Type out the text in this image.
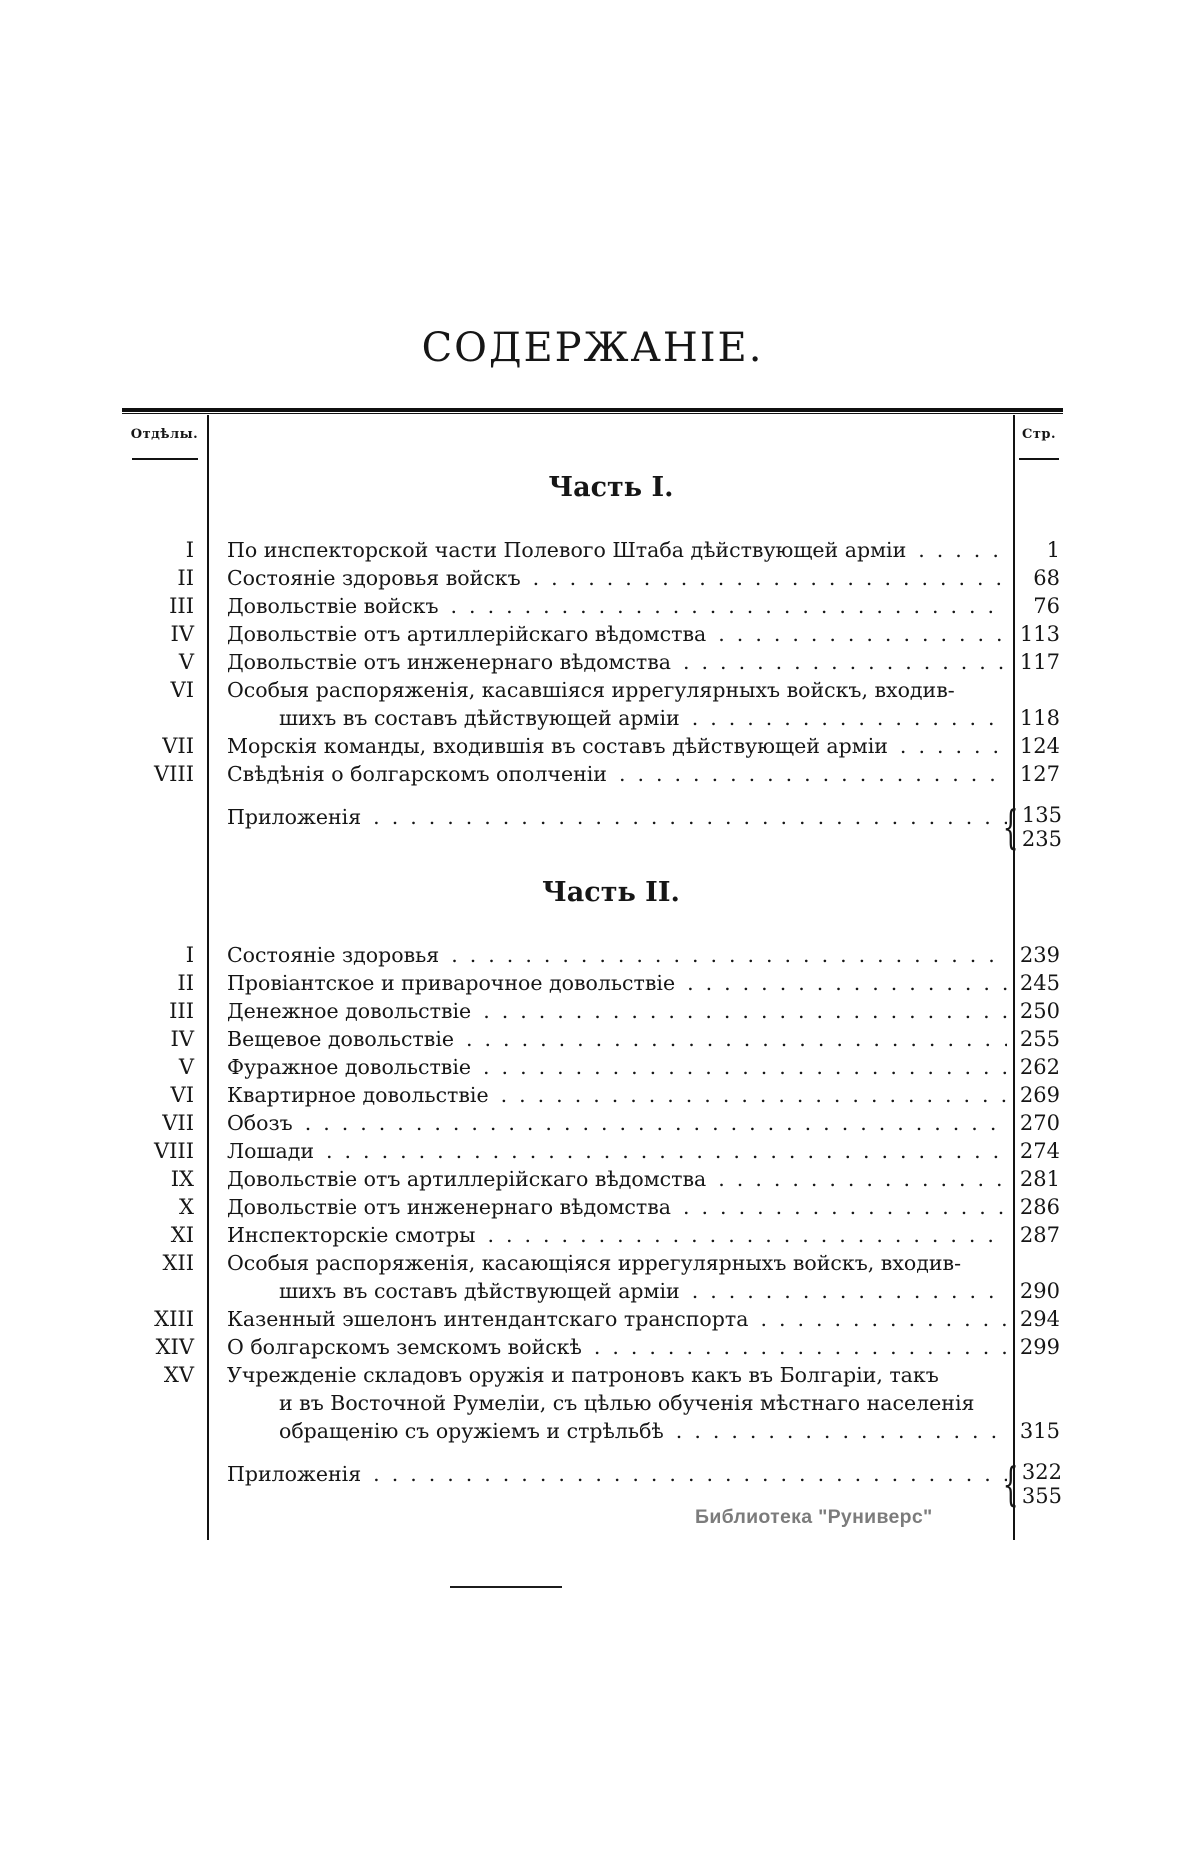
СОДЕРЖАНІЕ.
Отдѣлы.	Стр.
Часть I.
I	По инспекторской части Полевого Штаба дѣйствующей арміи .....	1
II	Состояніе здоровья войскъ .....	68
III	Довольствіе войскъ .....	76
IV	Довольствіе отъ артиллерійскаго вѣдомства .....	113
V	Довольствіе отъ инженернаго вѣдомства .....	117
VI	Особыя распоряженія, касавшіяся иррегулярныхъ войскъ, входив-
шихъ въ составъ дѣйствующей арміи .....	118
VII	Морскія команды, входившія въ составъ дѣйствующей арміи .....	124
VIII	Свѣдѣнія о болгарскомъ ополченіи .....	127
Приложенія .....	{ 135
235
Часть II.
I	Состояніе здоровья .....	239
II	Провіантское и приварочное довольствіе .....	245
III	Денежное довольствіе .....	250
IV	Вещевое довольствіе .....	255
V	Фуражное довольствіе .....	262
VI	Квартирное довольствіе .....	269
VII	Обозъ .....	270
VIII	Лошади .....	274
IX	Довольствіе отъ артиллерійскаго вѣдомства .....	281
X	Довольствіе отъ инженернаго вѣдомства .....	286
XI	Инспекторскіе смотры .....	287
XII	Особыя распоряженія, касающіяся иррегулярныхъ войскъ, входив-
шихъ въ составъ дѣйствующей арміи .....	290
XIII	Казенный эшелонъ интендантскаго транспорта .....	294
XIV	О болгарскомъ земскомъ войскѣ .....	299
XV	Учрежденіе складовъ оружія и патроновъ какъ въ Болгаріи, такъ
и въ Восточной Румеліи, съ цѣлью обученія мѣстнаго населенія
обращенію съ оружіемъ и стрѣльбѣ .....	315
Приложенія .....	{ 322
355
Библиотека "Руниверс"
